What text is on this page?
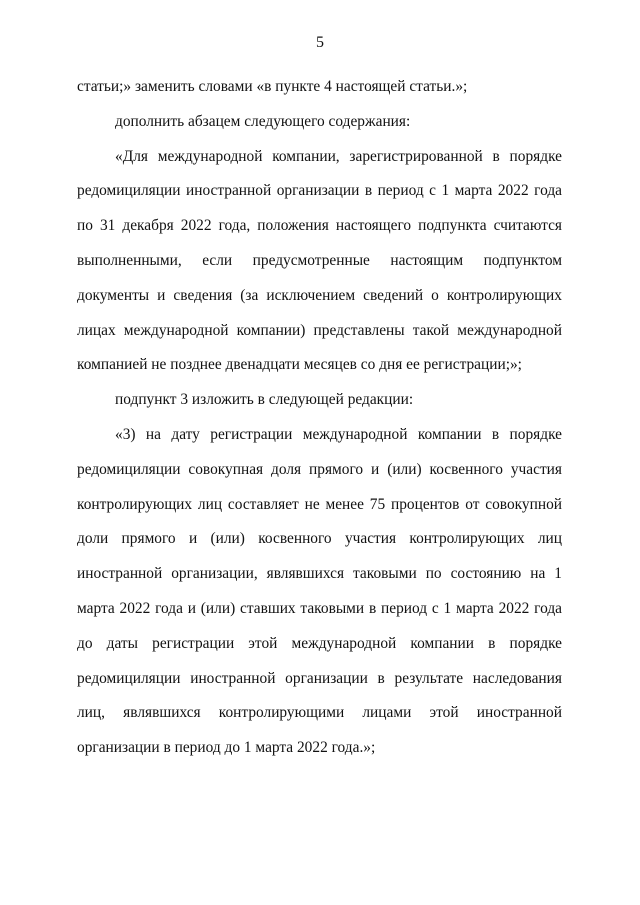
5

статьи;» заменить словами «в пункте 4 настоящей статьи.»;

дополнить абзацем следующего содержания:

«Для международной компании, зарегистрированной в порядке редомициляции иностранной организации в период с 1 марта 2022 года по 31 декабря 2022 года, положения настоящего подпункта считаются выполненными, если предусмотренные настоящим подпунктом документы и сведения (за исключением сведений о контролирующих лицах международной компании) представлены такой международной компанией не позднее двенадцати месяцев со дня ее регистрации;»;

подпункт 3 изложить в следующей редакции:

«3) на дату регистрации международной компании в порядке редомициляции совокупная доля прямого и (или) косвенного участия контролирующих лиц составляет не менее 75 процентов от совокупной доли прямого и (или) косвенного участия контролирующих лиц иностранной организации, являвшихся таковыми по состоянию на 1 марта 2022 года и (или) ставших таковыми в период с 1 марта 2022 года до даты регистрации этой международной компании в порядке редомициляции иностранной организации в результате наследования лиц, являвшихся контролирующими лицами этой иностранной организации в период до 1 марта 2022 года.»;
